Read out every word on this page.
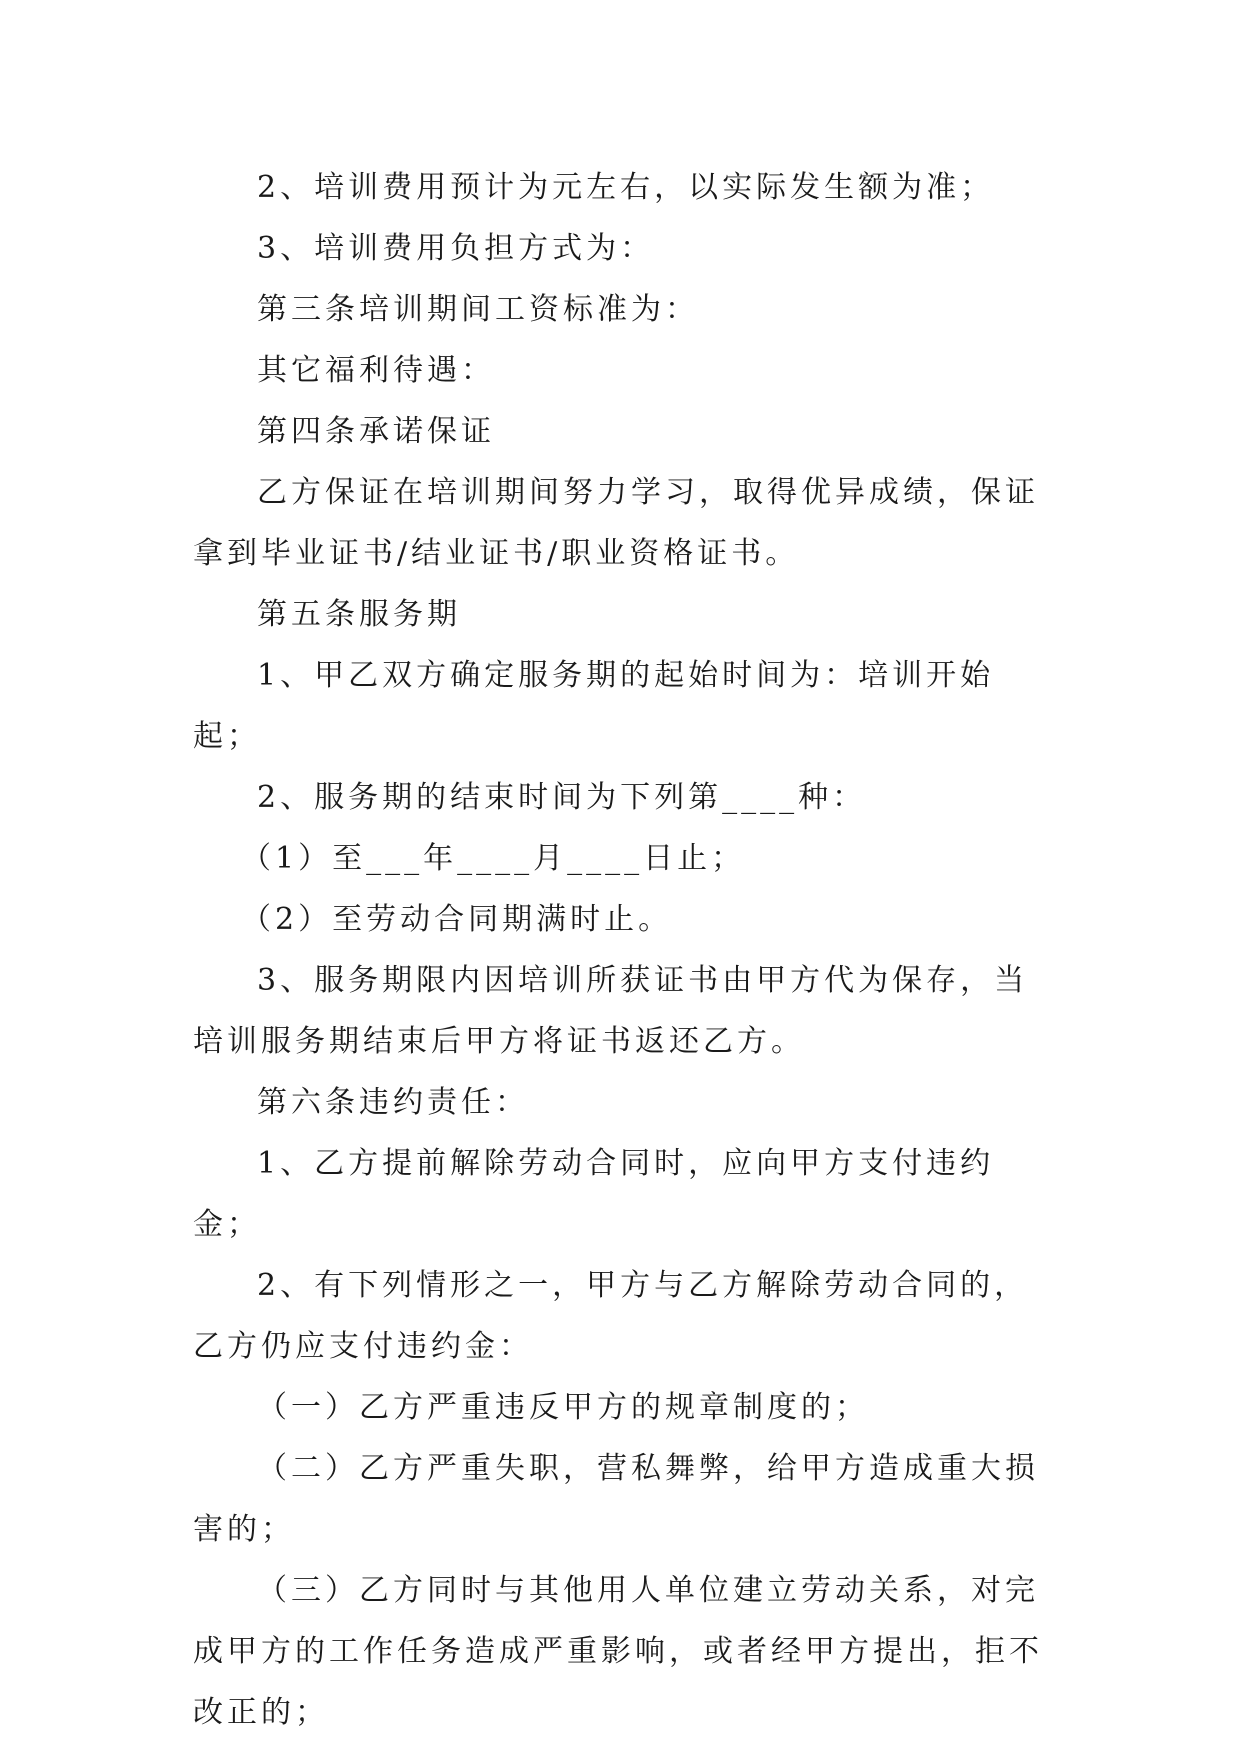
2、培训费用预计为元左右，以实际发生额为准；

3、培训费用负担方式为：

第三条培训期间工资标准为：

其它福利待遇：

第四条承诺保证

乙方保证在培训期间努力学习，取得优异成绩，保证拿到毕业证书/结业证书/职业资格证书。

第五条服务期

1、甲乙双方确定服务期的起始时间为：培训开始起；

2、服务期的结束时间为下列第____种：

（1）至___年____月____日止；

（2）至劳动合同期满时止。

3、服务期限内因培训所获证书由甲方代为保存，当培训服务期结束后甲方将证书返还乙方。

第六条违约责任：

1、乙方提前解除劳动合同时，应向甲方支付违约金；

2、有下列情形之一，甲方与乙方解除劳动合同的，乙方仍应支付违约金：

（一）乙方严重违反甲方的规章制度的；

（二）乙方严重失职，营私舞弊，给甲方造成重大损害的；

（三）乙方同时与其他用人单位建立劳动关系，对完成甲方的工作任务造成严重影响，或者经甲方提出，拒不改正的；
